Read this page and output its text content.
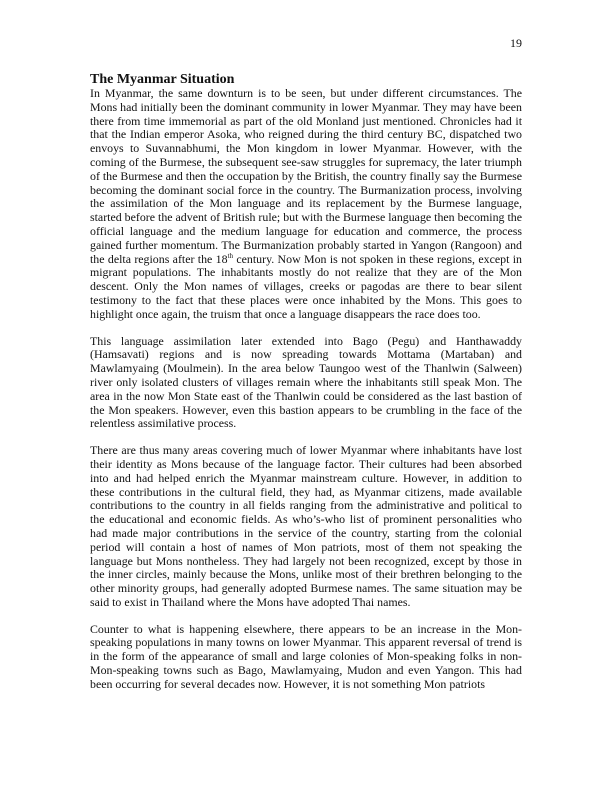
19
The Myanmar Situation

In Myanmar, the same downturn is to be seen, but under different circumstances. The Mons had initially been the dominant community in lower Myanmar. They may have been there from time immemorial as part of the old Monland just mentioned. Chronicles had it that the Indian emperor Asoka, who reigned during the third century BC, dispatched two envoys to Suvannabhumi, the Mon kingdom in lower Myanmar. However, with the coming of the Burmese, the subsequent see-saw struggles for supremacy, the later triumph of the Burmese and then the occupation by the British, the country finally say the Burmese becoming the dominant social force in the country. The Burmanization process, involving the assimilation of the Mon language and its replacement by the Burmese language, started before the advent of British rule; but with the Burmese language then becoming the official language and the medium language for education and commerce, the process gained further momentum. The Burmanization probably started in Yangon (Rangoon) and the delta regions after the 18th century. Now Mon is not spoken in these regions, except in migrant populations. The inhabitants mostly do not realize that they are of the Mon descent. Only the Mon names of villages, creeks or pagodas are there to bear silent testimony to the fact that these places were once inhabited by the Mons. This goes to highlight once again, the truism that once a language disappears the race does too.

This language assimilation later extended into Bago (Pegu) and Hanthawaddy (Hamsavati) regions and is now spreading towards Mottama (Martaban) and Mawlamyaing (Moulmein). In the area below Taungoo west of the Thanlwin (Salween) river only isolated clusters of villages remain where the inhabitants still speak Mon. The area in the now Mon State east of the Thanlwin could be considered as the last bastion of the Mon speakers. However, even this bastion appears to be crumbling in the face of the relentless assimilative process.

There are thus many areas covering much of lower Myanmar where inhabitants have lost their identity as Mons because of the language factor. Their cultures had been absorbed into and had helped enrich the Myanmar mainstream culture. However, in addition to these contributions in the cultural field, they had, as Myanmar citizens, made available contributions to the country in all fields ranging from the administrative and political to the educational and economic fields. As who’s-who list of prominent personalities who had made major contributions in the service of the country, starting from the colonial period will contain a host of names of Mon patriots, most of them not speaking the language but Mons nontheless. They had largely not been recognized, except by those in the inner circles, mainly because the Mons, unlike most of their brethren belonging to the other minority groups, had generally adopted Burmese names. The same situation may be said to exist in Thailand where the Mons have adopted Thai names.

Counter to what is happening elsewhere, there appears to be an increase in the Mon-speaking populations in many towns on lower Myanmar. This apparent reversal of trend is in the form of the appearance of small and large colonies of Mon-speaking folks in non-Mon-speaking towns such as Bago, Mawlamyaing, Mudon and even Yangon. This had been occurring for several decades now. However, it is not something Mon patriots
